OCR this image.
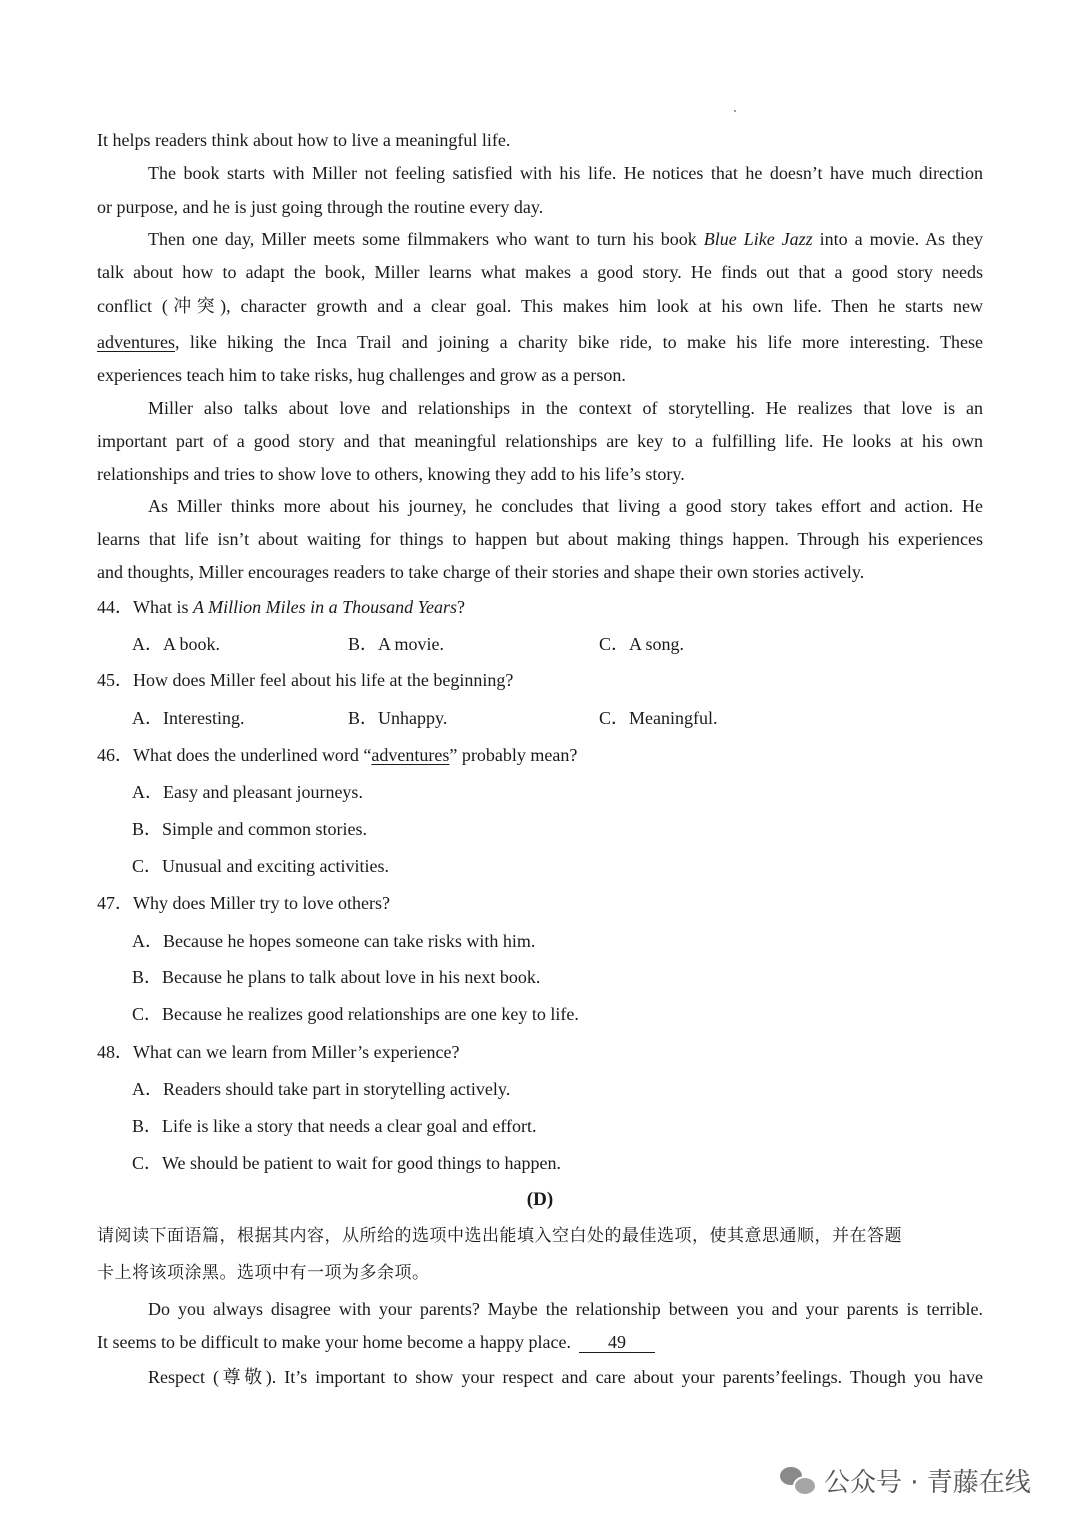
It helps readers think about how to live a meaningful life.
The book starts with Miller not feeling satisfied with his life. He notices that he doesn’t have much direction
or purpose, and he is just going through the routine every day.
Then one day, Miller meets some filmmakers who want to turn his book Blue Like Jazz into a movie. As they
talk about how to adapt the book, Miller learns what makes a good story. He finds out that a good story needs
conflict (冲突), character growth and a clear goal. This makes him look at his own life. Then he starts new
adventures, like hiking the Inca Trail and joining a charity bike ride, to make his life more interesting. These
experiences teach him to take risks, hug challenges and grow as a person.
Miller also talks about love and relationships in the context of storytelling. He realizes that love is an
important part of a good story and that meaningful relationships are key to a fulfilling life. He looks at his own
relationships and tries to show love to others, knowing they add to his life’s story.
As Miller thinks more about his journey, he concludes that living a good story takes effort and action. He
learns that life isn’t about waiting for things to happen but about making things happen. Through his experiences
and thoughts, Miller encourages readers to take charge of their stories and shape their own stories actively.
44．What is A Million Miles in a Thousand Years?
A．A book.	B．A movie.	C．A song.
45．How does Miller feel about his life at the beginning?
A．Interesting.	B．Unhappy.	C．Meaningful.
46．What does the underlined word “adventures” probably mean?
A．Easy and pleasant journeys.
B．Simple and common stories.
C．Unusual and exciting activities.
47．Why does Miller try to love others?
A．Because he hopes someone can take risks with him.
B．Because he plans to talk about love in his next book.
C．Because he realizes good relationships are one key to life.
48．What can we learn from Miller’s experience?
A．Readers should take part in storytelling actively.
B．Life is like a story that needs a clear goal and effort.
C．We should be patient to wait for good things to happen.
(D)
请阅读下面语篇，根据其内容，从所给的选项中选出能填入空白处的最佳选项，使其意思通顺，并在答题
卡上将该项涂黑。选项中有一项为多余项。
Do you always disagree with your parents? Maybe the relationship between you and your parents is terrible.
It seems to be difficult to make your home become a happy place. 49
Respect (尊敬). It’s important to show your respect and care about your parents’feelings. Though you have
公众号 · 青藤在线
